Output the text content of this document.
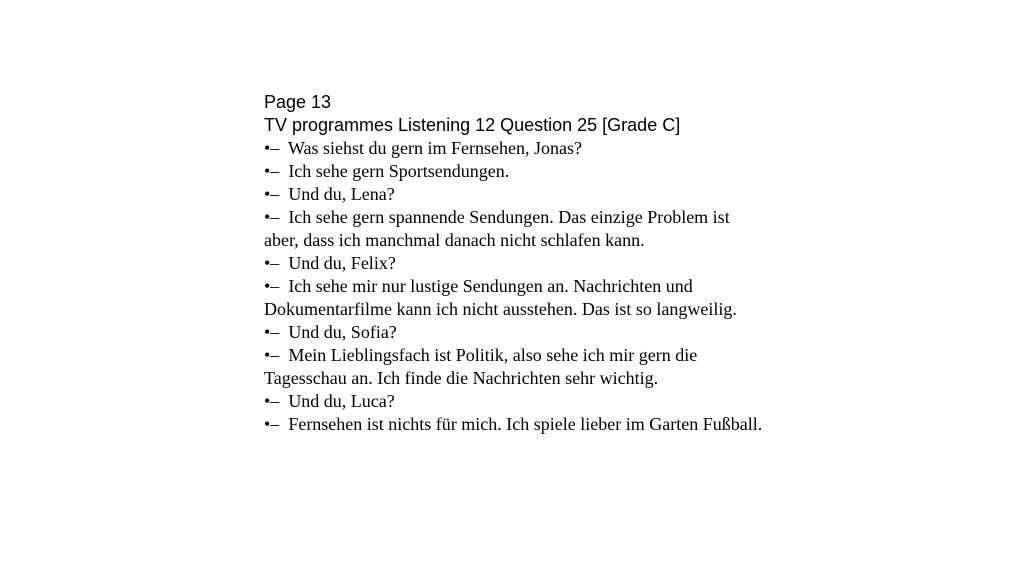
Page 13

TV programmes Listening 12 Question 25 [Grade C]

•– Was siehst du gern im Fernsehen, Jonas?
•– Ich sehe gern Sportsendungen.
•– Und du, Lena?
•– Ich sehe gern spannende Sendungen. Das einzige Problem ist aber, dass ich manchmal danach nicht schlafen kann.
•– Und du, Felix?
•– Ich sehe mir nur lustige Sendungen an. Nachrichten und Dokumentarfilme kann ich nicht ausstehen. Das ist so langweilig.
•– Und du, Sofia?
•– Mein Lieblingsfach ist Politik, also sehe ich mir gern die Tagesschau an. Ich finde die Nachrichten sehr wichtig.
•– Und du, Luca?
•– Fernsehen ist nichts für mich. Ich spiele lieber im Garten Fußball.
